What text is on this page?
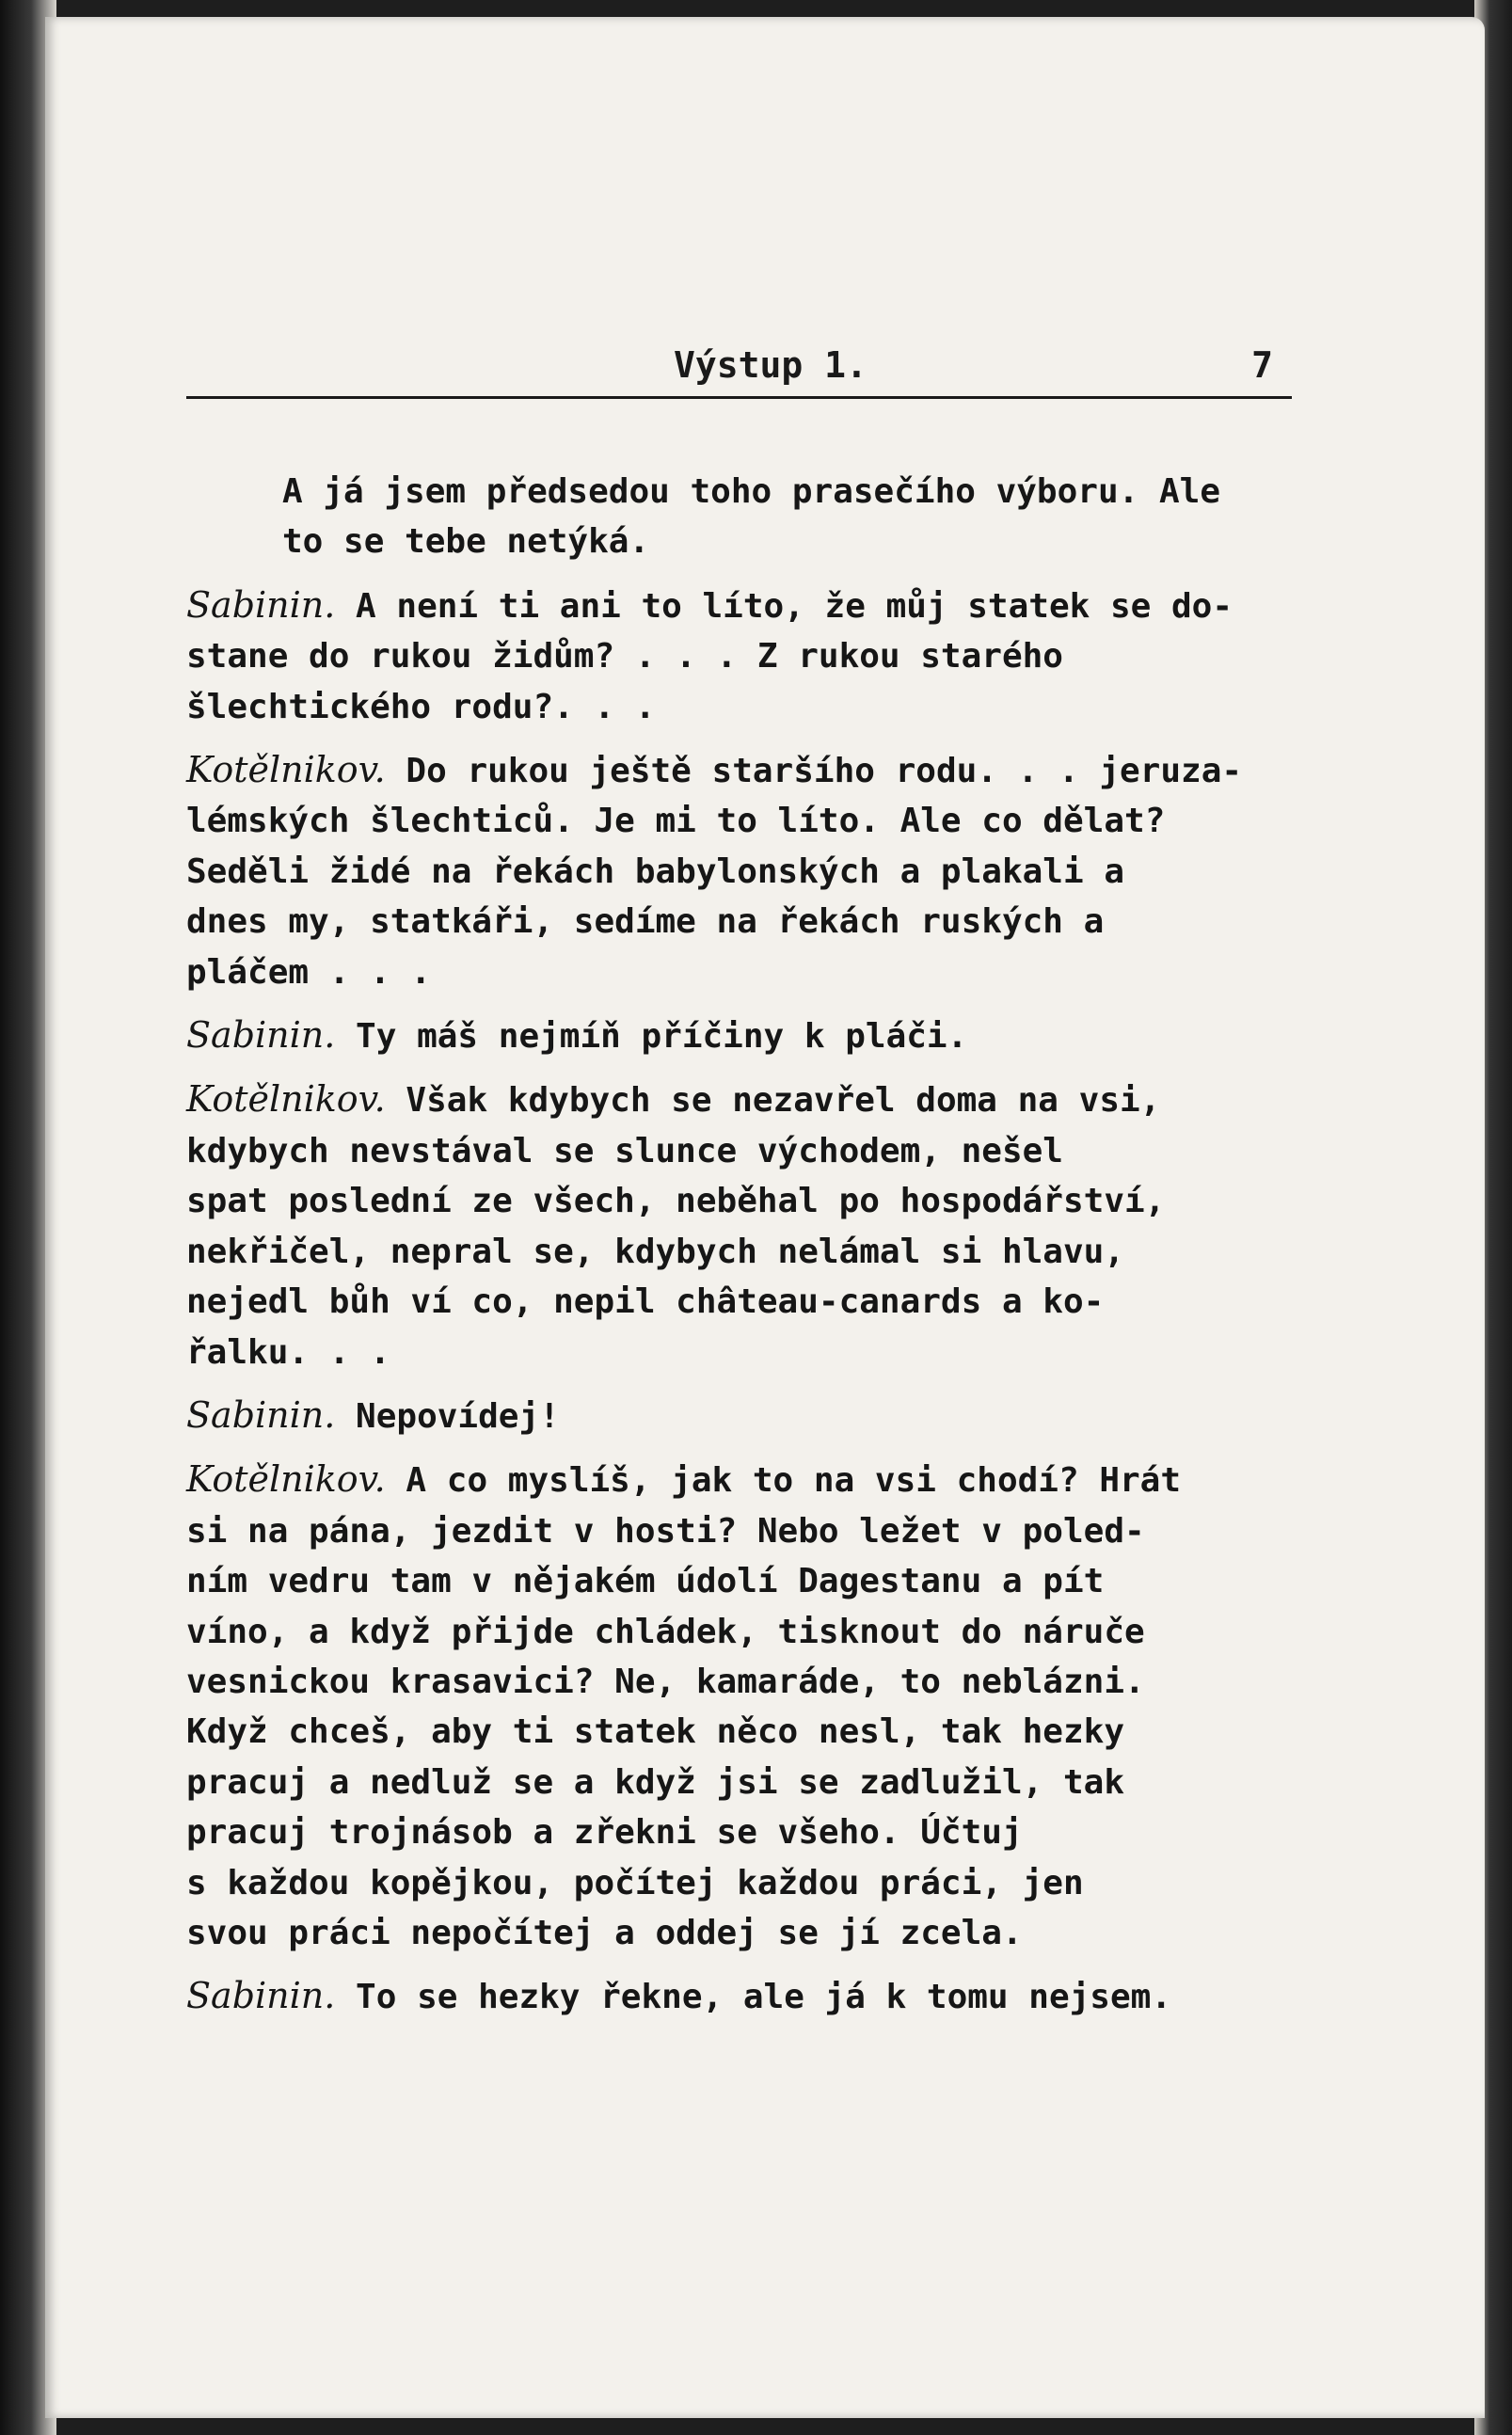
Výstup 1.	7
A já jsem předsedou toho prasečího výboru. Ale
to se tebe netýká.
Sabinin. A není ti ani to líto, že můj statek se do-
stane do rukou židům? . . . Z rukou starého
šlechtického rodu?. . .
Kotělnikov. Do rukou ještě staršího rodu. . . jeruza-
lémských šlechticů. Je mi to líto. Ale co dělat?
Seděli židé na řekách babylonských a plakali a
dnes my, statkáři, sedíme na řekách ruských a
pláčem . . .
Sabinin. Ty máš nejmíň příčiny k pláči.
Kotělnikov. Však kdybych se nezavřel doma na vsi,
kdybych nevstával se slunce východem, nešel
spat poslední ze všech, neběhal po hospodářství,
nekřičel, nepral se, kdybych nelámal si hlavu,
nejedl bůh ví co, nepil château-canards a ko-
řalku. . .
Sabinin. Nepovídej!
Kotělnikov. A co myslíš, jak to na vsi chodí? Hrát
si na pána, jezdit v hosti? Nebo ležet v poled-
ním vedru tam v nějakém údolí Dagestanu a pít
víno, a když přijde chládek, tisknout do náruče
vesnickou krasavici? Ne, kamaráde, to neblázni.
Když chceš, aby ti statek něco nesl, tak hezky
pracuj a nedluž se a když jsi se zadlužil, tak
pracuj trojnásob a zřekni se všeho. Účtuj
s každou kopějkou, počítej každou práci, jen
svou práci nepočítej a oddej se jí zcela.
Sabinin. To se hezky řekne, ale já k tomu nejsem.
